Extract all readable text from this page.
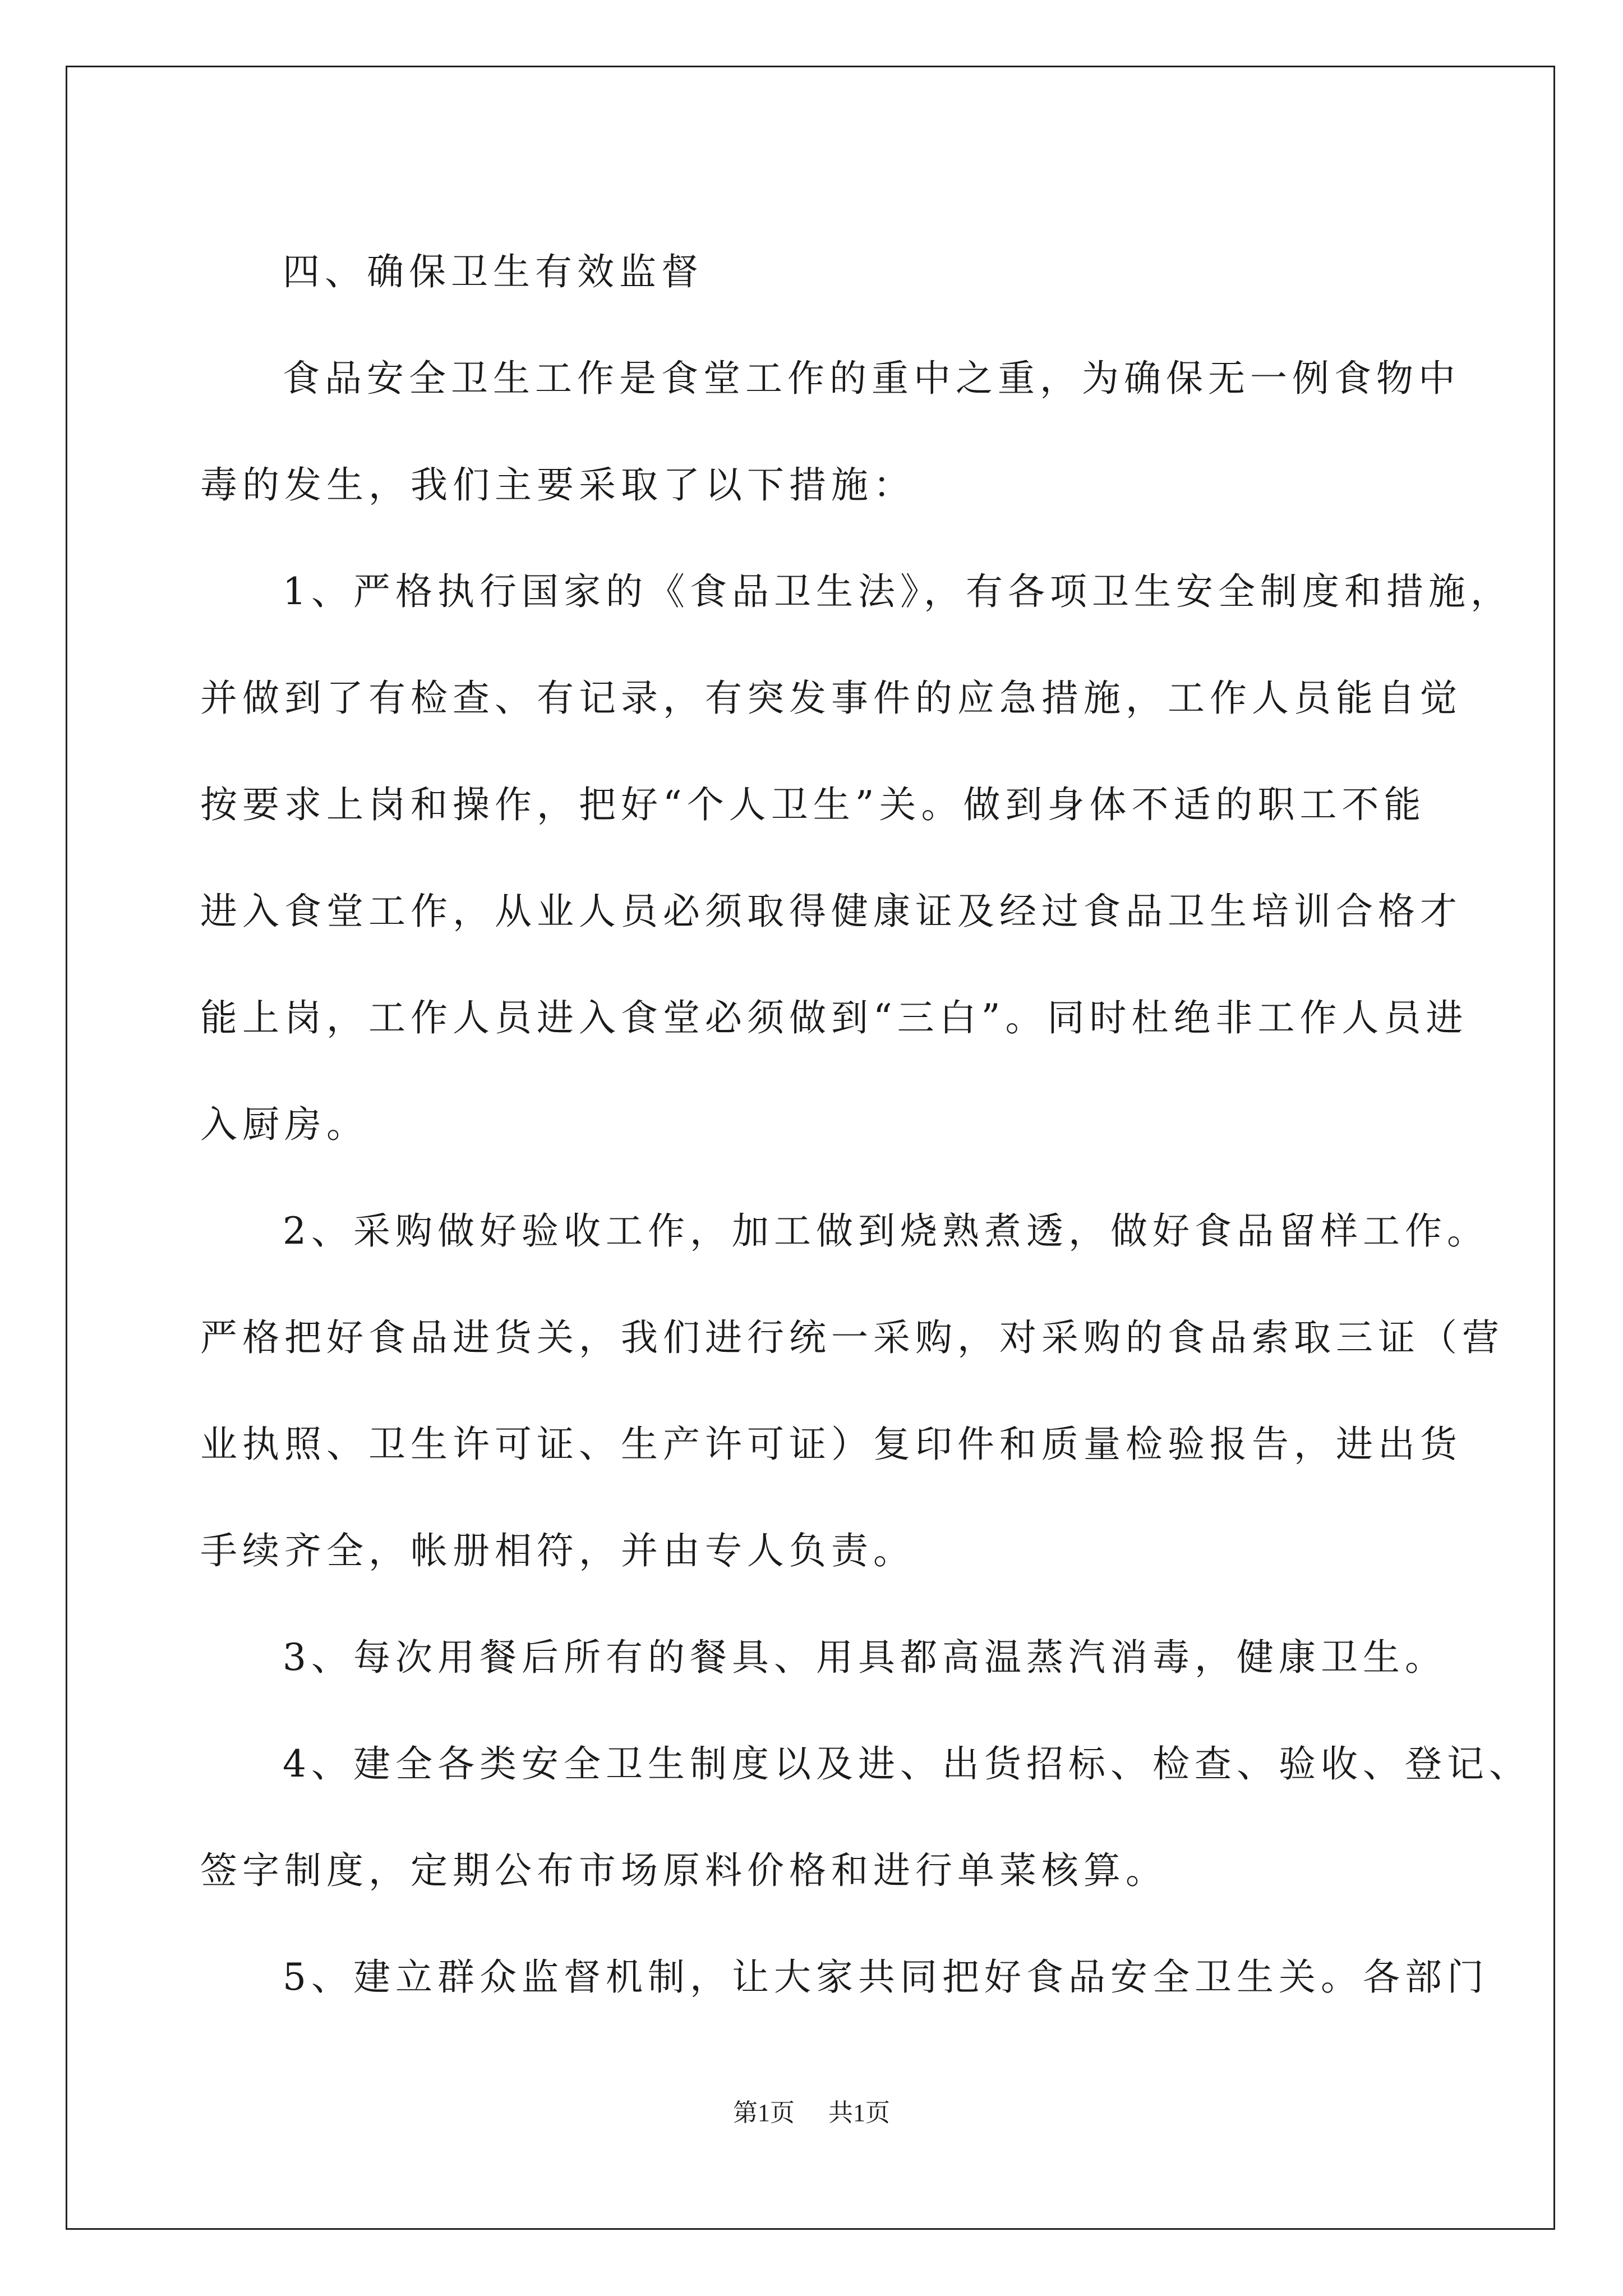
四、确保卫生有效监督
食品安全卫生工作是食堂工作的重中之重，为确保无一例食物中
毒的发生，我们主要采取了以下措施：
1、严格执行国家的《食品卫生法》，有各项卫生安全制度和措施，
并做到了有检查、有记录，有突发事件的应急措施，工作人员能自觉
按要求上岗和操作，把好“个人卫生”关。做到身体不适的职工不能
进入食堂工作，从业人员必须取得健康证及经过食品卫生培训合格才
能上岗，工作人员进入食堂必须做到“三白”。同时杜绝非工作人员进
入厨房。
2、采购做好验收工作，加工做到烧熟煮透，做好食品留样工作。
严格把好食品进货关，我们进行统一采购，对采购的食品索取三证（营
业执照、卫生许可证、生产许可证）复印件和质量检验报告，进出货
手续齐全，帐册相符，并由专人负责。
3、每次用餐后所有的餐具、用具都高温蒸汽消毒，健康卫生。
4、建全各类安全卫生制度以及进、出货招标、检查、验收、登记、
签字制度，定期公布市场原料价格和进行单菜核算。
5、建立群众监督机制，让大家共同把好食品安全卫生关。各部门
第1页 共1页
